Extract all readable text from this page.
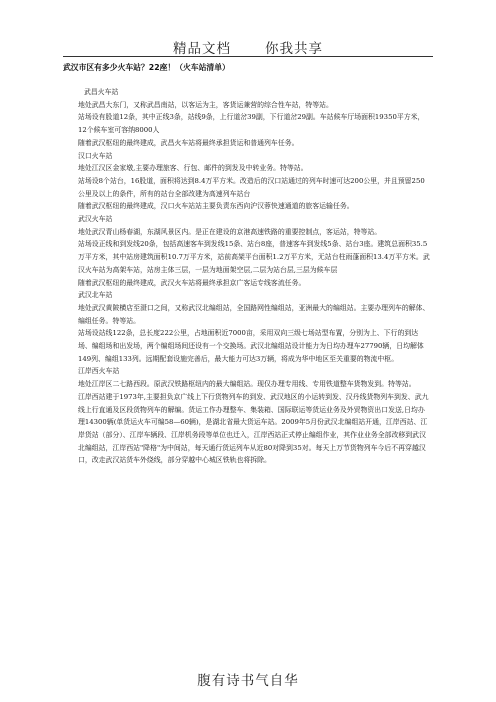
精品文档	你我共享
武汉市区有多少火车站？22座！（火车站清单）

武昌火车站

地处武昌大东门，又称武昌南站，以客运为主，客货运兼营的综合性车站，特等站。

站场设有股道12条，其中正线3条，站线9条，上行道岔39副，下行道岔29副。车站候车厅场面积19350平方米，12个候车室可容纳8000人

随着武汉枢纽的最终建成，武昌火车站将最终承担货运和普通列车任务。

汉口火车站

地处江汉区金家墩,主要办理旅客、行包、邮件的到发及中转业务。特等站。

站场设8个站台，16股道，面积将达到8.4万平方米。改造后的汉口站通过的列车时速可达200公里，并且预留250公里及以上的条件，所有的站台全部改建为高速列车站台

随着武汉枢纽的最终建成，汉口火车站站主要负责东西向沪汉蓉快速通道的旅客运输任务。

武汉火车站

地处武汉青山杨春湖，东湖风景区内。是正在建设的京港高速铁路的重要控制点，客运站，特等站。

站场设正线和到发线20条，包括高速客车到发线15条、站台8座，普速客车到发线5条、站台3座。建筑总面积35.5万平方米，其中站房建筑面积10.7万平方米，站前高架平台面积1.2万平方米，无站台柱雨蓬面积13.4万平方米。武汉火车站为高架车站，站房主体三层，一层为地面架空层,二层为站台层,三层为候车层

随着武汉枢纽的最终建成，武汉火车站将最终承担京广客运专线客流任务。

武汉北车站

地处武汉黄陂横店至滠口之间，又称武汉北编组站，全国路网性编组站，亚洲最大的编组站。主要办理列车的解体、编组任务。特等站。

站场设站线122条，总长度222公里，占地面积近7000亩，采用双向三级七场站型布置，分别为上、下行的到达场、编组场和出发场，两个编组场间还设有一个交换场。武汉北编组站设计能力为日均办理车27790辆，日均解体149列、编组133列。远期配套设施完善后，最大能力可达3万辆，将成为华中地区至关重要的物流中枢。

江岸西火车站

地处江岸区二七路西段。原武汉铁路枢纽内的最大编组站。现仅办理专用线、专用铁道整车货物发到。特等站。

江岸西站建于1973年,主要担负京广线上下行货物列车的到发、武汉地区的小运转到发、汉丹线货物列车到发、武九线上行直通及区段货物列车的解编。货运工作办理整车、集装箱、国际联运等货运业务及外贸物资出口发送,日均办理14300辆(单货运火车可编58—60辆)，是湖北省最大货运车站。2009年5月份武汉北编组站开通，江岸西站、江岸货站（部分）、江岸车辆段、江岸机务段等单位也迁入，江岸西站正式停止编组作业，其作业业务全部改移到武汉北编组站，江岸西站"降格"为中间站，每天通行货运列车从近80对降到35对。每天上万节货物列车今后不再穿越汉口，改走武汉站货车外绕线，部分穿越中心城区铁轨也将拆除。

腹有诗书气自华
